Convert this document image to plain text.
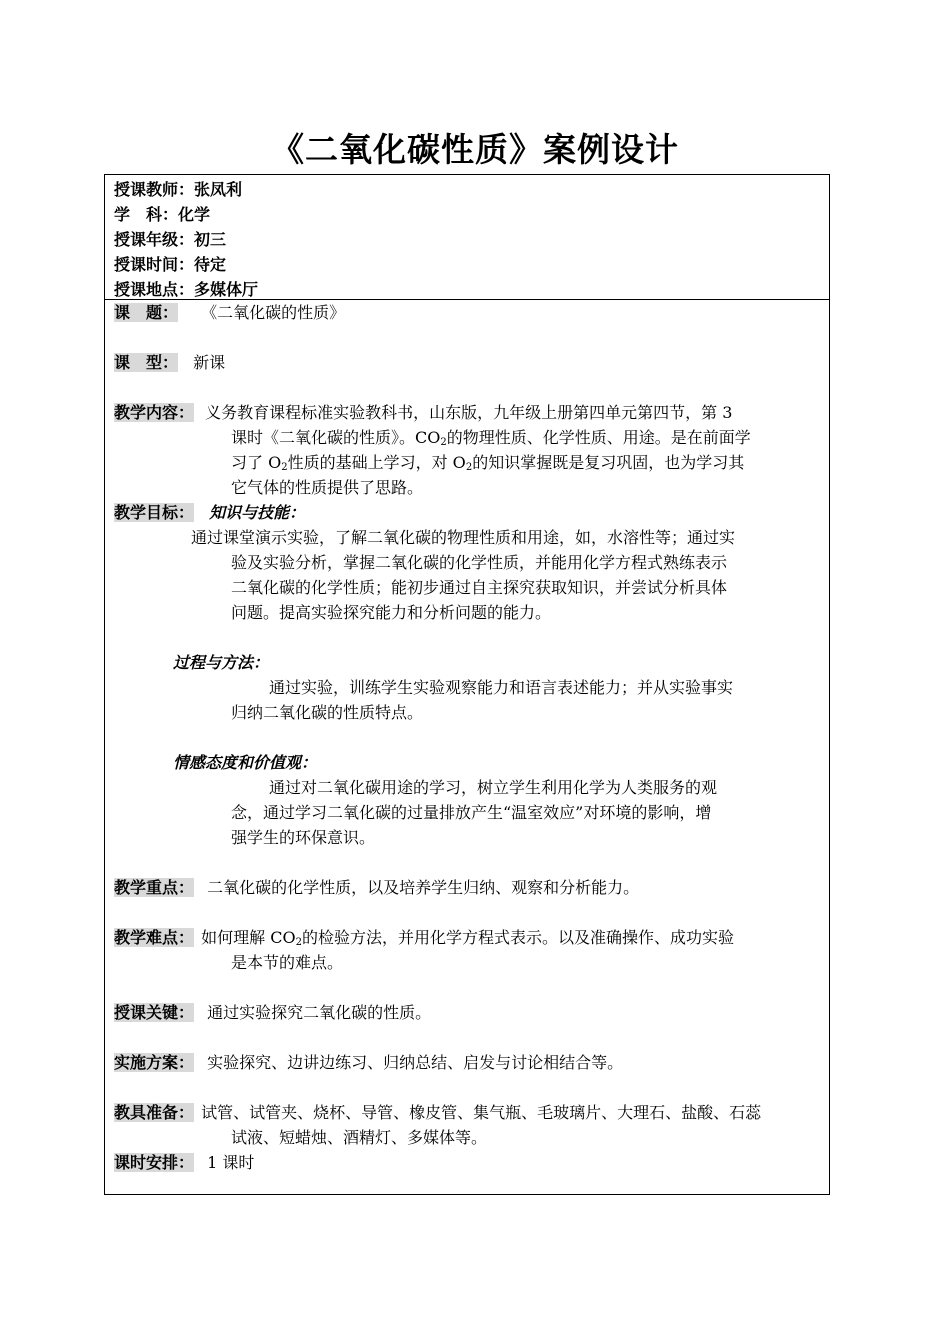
《二氧化碳性质》案例设计
授课教师：张凤利
学　科：化学
授课年级：初三
授课时间：待定
授课地点：多媒体厅
课　题： 《二氧化碳的性质》
课　型： 新课
教学内容： 义务教育课程标准实验教科书，山东版，九年级上册第四单元第四节，第 3
课时《二氧化碳的性质》。$CO_2$的物理性质、化学性质、用途。是在前面学
习了 $O_2$性质的基础上学习，对 $O_2$的知识掌握既是复习巩固，也为学习其
它气体的性质提供了思路。
教学目标： 知识与技能：
通过课堂演示实验，了解二氧化碳的物理性质和用途，如，水溶性等；通过实
验及实验分析，掌握二氧化碳的化学性质，并能用化学方程式熟练表示
二氧化碳的化学性质；能初步通过自主探究获取知识，并尝试分析具体
问题。提高实验探究能力和分析问题的能力。
过程与方法：
通过实验，训练学生实验观察能力和语言表述能力；并从实验事实
归纳二氧化碳的性质特点。
情感态度和价值观：
通过对二氧化碳用途的学习，树立学生利用化学为人类服务的观
念，通过学习二氧化碳的过量排放产生“温室效应”对环境的影响，增
强学生的环保意识。
教学重点： 二氧化碳的化学性质，以及培养学生归纳、观察和分析能力。
教学难点： 如何理解 $CO_2$的检验方法，并用化学方程式表示。以及准确操作、成功实验
是本节的难点。
授课关键： 通过实验探究二氧化碳的性质。
实施方案： 实验探究、边讲边练习、归纳总结、启发与讨论相结合等。
教具准备： 试管、试管夹、烧杯、导管、橡皮管、集气瓶、毛玻璃片、大理石、盐酸、石蕊
试液、短蜡烛、酒精灯、多媒体等。
课时安排： 1 课时
